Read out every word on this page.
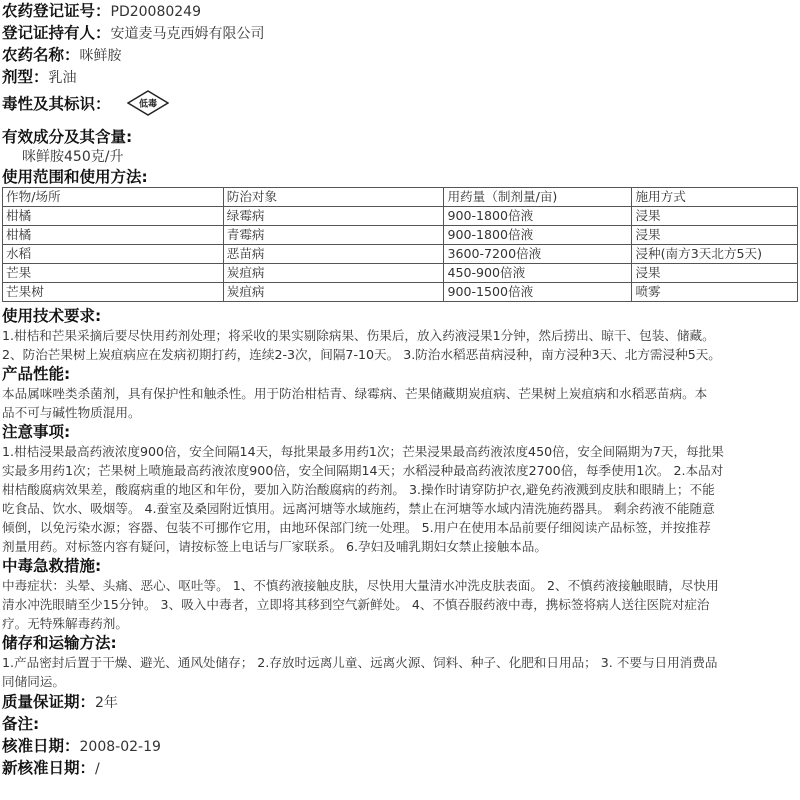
农药登记证号：PD20080249
登记证持有人：安道麦马克西姆有限公司
农药名称：咪鲜胺
剂型：乳油
毒性及其标识：	低毒
有效成分及其含量:
咪鲜胺450克/升
使用范围和使用方法:
作物/场所	防治对象	用药量（制剂量/亩)	施用方式
柑橘	绿霉病	900-1800倍液	浸果
柑橘	青霉病	900-1800倍液	浸果
水稻	恶苗病	3600-7200倍液	浸种(南方3天北方5天)
芒果	炭疽病	450-900倍液	浸果
芒果树	炭疽病	900-1500倍液	喷雾
使用技术要求:
1.柑桔和芒果采摘后要尽快用药剂处理；将采收的果实剔除病果、伤果后，放入药液浸果1分钟，然后捞出、晾干、包装、储藏。
2、防治芒果树上炭疽病应在发病初期打药，连续2-3次，间隔7-10天。 3.防治水稻恶苗病浸种，南方浸种3天、北方需浸种5天。
产品性能:
本品属咪唑类杀菌剂，具有保护性和触杀性。用于防治柑桔青、绿霉病、芒果储藏期炭疽病、芒果树上炭疽病和水稻恶苗病。本
品不可与碱性物质混用。
注意事项:
1.柑桔浸果最高药液浓度900倍，安全间隔14天，每批果最多用药1次；芒果浸果最高药液浓度450倍，安全间隔期为7天，每批果
实最多用药1次；芒果树上喷施最高药液浓度900倍，安全间隔期14天；水稻浸种最高药液浓度2700倍，每季使用1次。 2.本品对
柑桔酸腐病效果差，酸腐病重的地区和年份，要加入防治酸腐病的药剂。 3.操作时请穿防护衣,避免药液溅到皮肤和眼睛上；不能
吃食品、饮水、吸烟等。 4.蚕室及桑园附近慎用。远离河塘等水域施药，禁止在河塘等水域内清洗施药器具。 剩余药液不能随意
倾倒，以免污染水源；容器、包装不可挪作它用，由地环保部门统一处理。 5.用户在使用本品前要仔细阅读产品标签，并按推荐
剂量用药。对标签内容有疑问，请按标签上电话与厂家联系。 6.孕妇及哺乳期妇女禁止接触本品。
中毒急救措施:
中毒症状：头晕、头痛、恶心、呕吐等。 1、不慎药液接触皮肤，尽快用大量清水冲洗皮肤表面。 2、不慎药液接触眼睛，尽快用
清水冲洗眼睛至少15分钟。 3、吸入中毒者，立即将其移到空气新鲜处。 4、不慎吞服药液中毒，携标签将病人送往医院对症治
疗。无特殊解毒药剂。
储存和运输方法:
1.产品密封后置于干燥、避光、通风处储存； 2.存放时远离儿童、远离火源、饲料、种子、化肥和日用品； 3. 不要与日用消费品
同储同运。
质量保证期：2年
备注:
核准日期：2008-02-19
新核准日期：/
